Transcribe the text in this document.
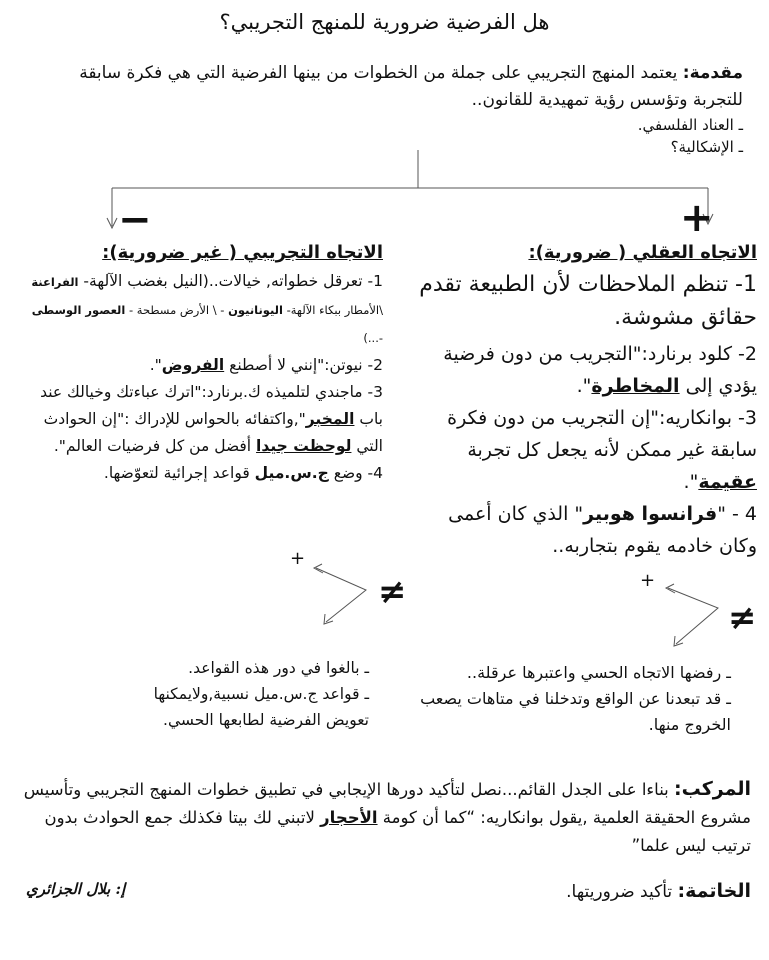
هل الفرضية ضرورية للمنهج التجريبي؟
مقدمة: يعتمد المنهج التجريبي على جملة من الخطوات من بينها الفرضية التي هي فكرة سابقة للتجربة وتؤسس رؤية تمهيدية للقانون..
ـ العناد الفلسفي.
ـ الإشكالية؟
+
−
الاتجاه العقلي ( ضرورية):
1- تنظم الملاحظات لأن الطبيعة تقدم حقائق مشوشة.
2- كلود برنارد:"التجريب من دون فرضية يؤدي إلى المخاطرة".
3- بوانكاريه:"إن التجريب من دون فكرة سابقة غير ممكن لأنه يجعل كل تجربة عقيمة".
4 - "فرانسوا هوبير" الذي كان أعمى وكان خادمه يقوم بتجاربه..
الاتجاه التجريبي ( غير ضرورية):
1- تعرقل خطواته, خيالات..(النيل بغضب الآلهة- الفراعنة \الأمطار ببكاء الآلهة- اليونانيون - \ الأرض مسطحة - العصور الوسطى -...)
2- نيوتن:"إنني لا أصطنع الفروض".
3- ماجندي لتلميذه ك.برنارد:"اترك عباءتك وخيالك عند باب المخبر",واكتفائه بالحواس للإدراك :"إن الحوادث التي لوحظت جيدا أفضل من كل فرضيات العالم".
4- وضع ج.س.ميل قواعد إجرائية لتعوّضها.
+
≠	+
≠
ـ رفضها الاتجاه الحسي واعتبرها عرقلة..
ـ قد تبعدنا عن الواقع وتدخلنا في متاهات يصعب الخروج منها.
ـ بالغوا في دور هذه القواعد.
ـ قواعد ج.س.ميل نسبية,ولايمكنها تعويض الفرضية لطابعها الحسي.
المركب: بناءا على الجدل القائم...نصل لتأكيد دورها الإيجابي في تطبيق خطوات المنهج التجريبي وتأسيس مشروع الحقيقة العلمية ,يقول بوانكاريه: “كما أن كومة الأحجار لاتبني لك بيتا فكذلك جمع الحوادث بدون ترتيب ليس علما”
الخاتمة: تأكيد ضروريتها.
إ: بلال الجزائري
